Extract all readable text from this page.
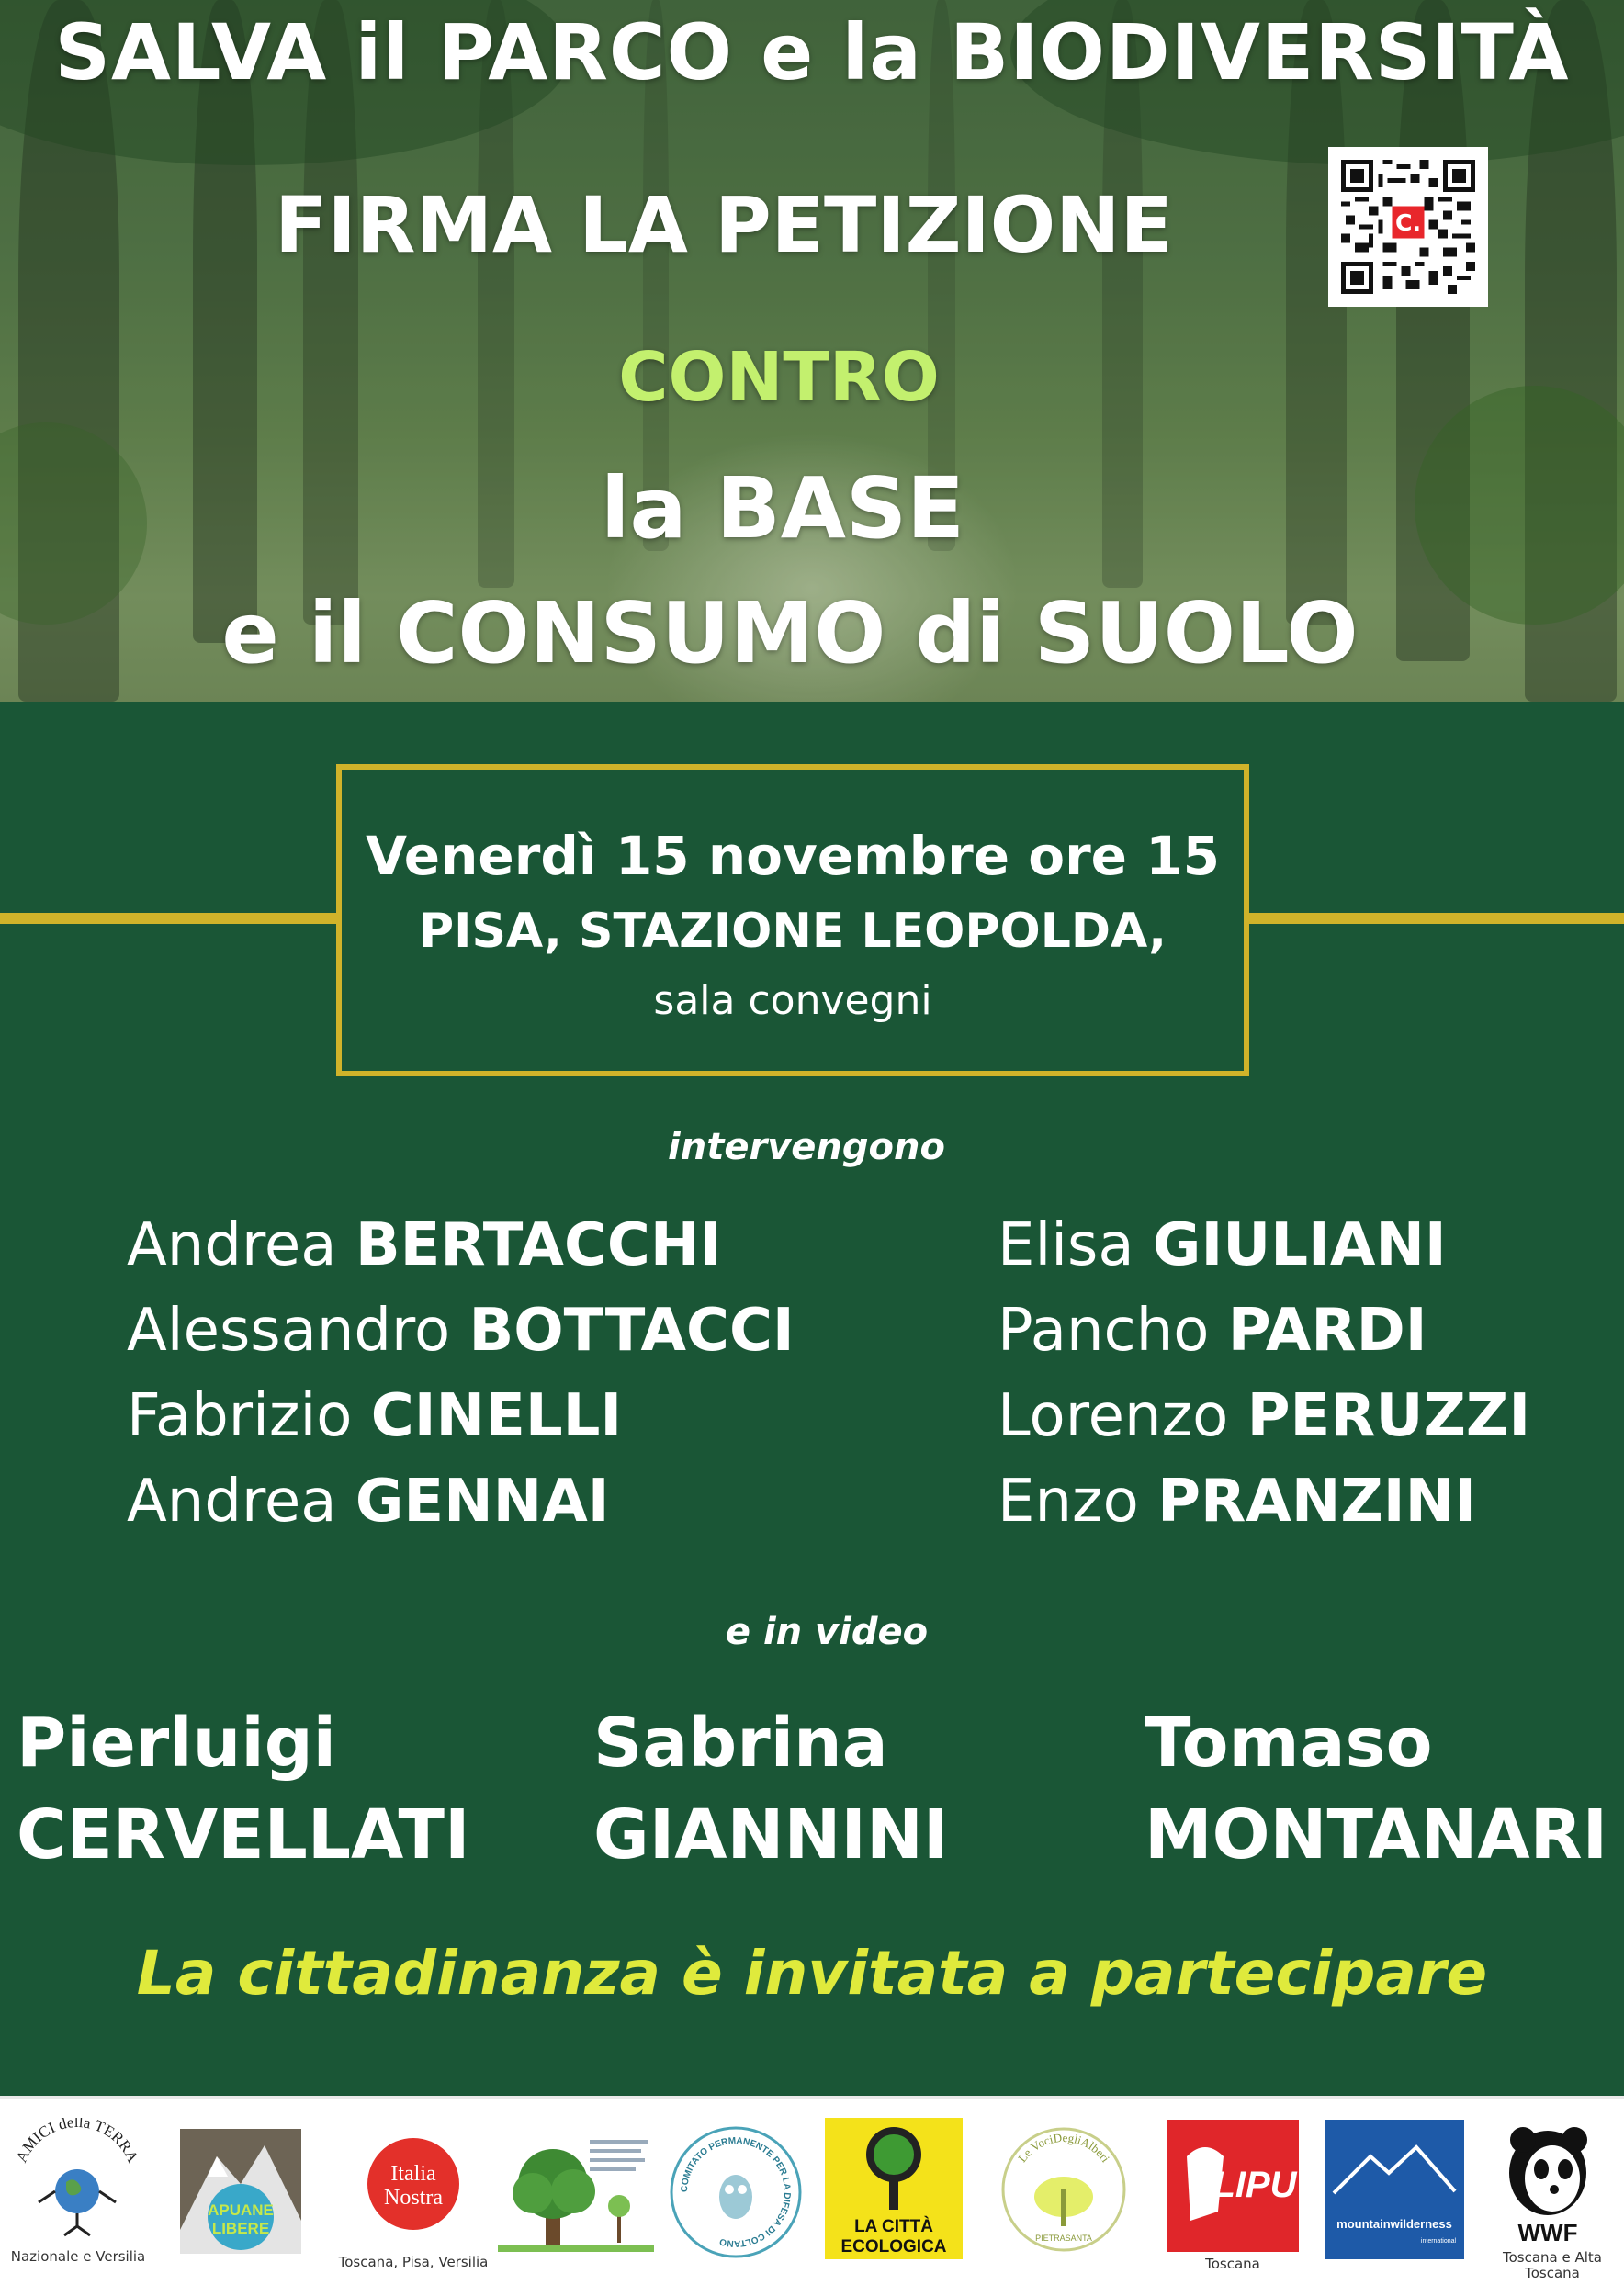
SALVA il PARCO e la BIODIVERSITÀ
FIRMA LA PETIZIONE
CONTRO
la BASE
e il CONSUMO di SUOLO
C.
Venerdì 15 novembre ore 15
PISA, STAZIONE LEOPOLDA,
sala convegni
intervengono
Andrea BERTACCHI
Alessandro BOTTACCI
Fabrizio CINELLI
Andrea GENNAI
Elisa GIULIANI
Pancho PARDI
Lorenzo PERUZZI
Enzo PRANZINI
e in video
Pierluigi
CERVELLATI
Sabrina
GIANNINI
Tomaso
MONTANARI
La cittadinanza è invitata a partecipare
AMICI della TERRA
Nazionale e Versilia
APUANE
LIBERE
Italia
Nostra
Toscana, Pisa, Versilia
COMITATO PERMANENTE PER LA DIFESA DI COLTANO
LA CITTÀ
ECOLOGICA
Le VociDegliAlberi
PIETRASANTA
LIPU
Toscana
mountainwilderness
international	WWF
Toscana e Alta
Toscana
